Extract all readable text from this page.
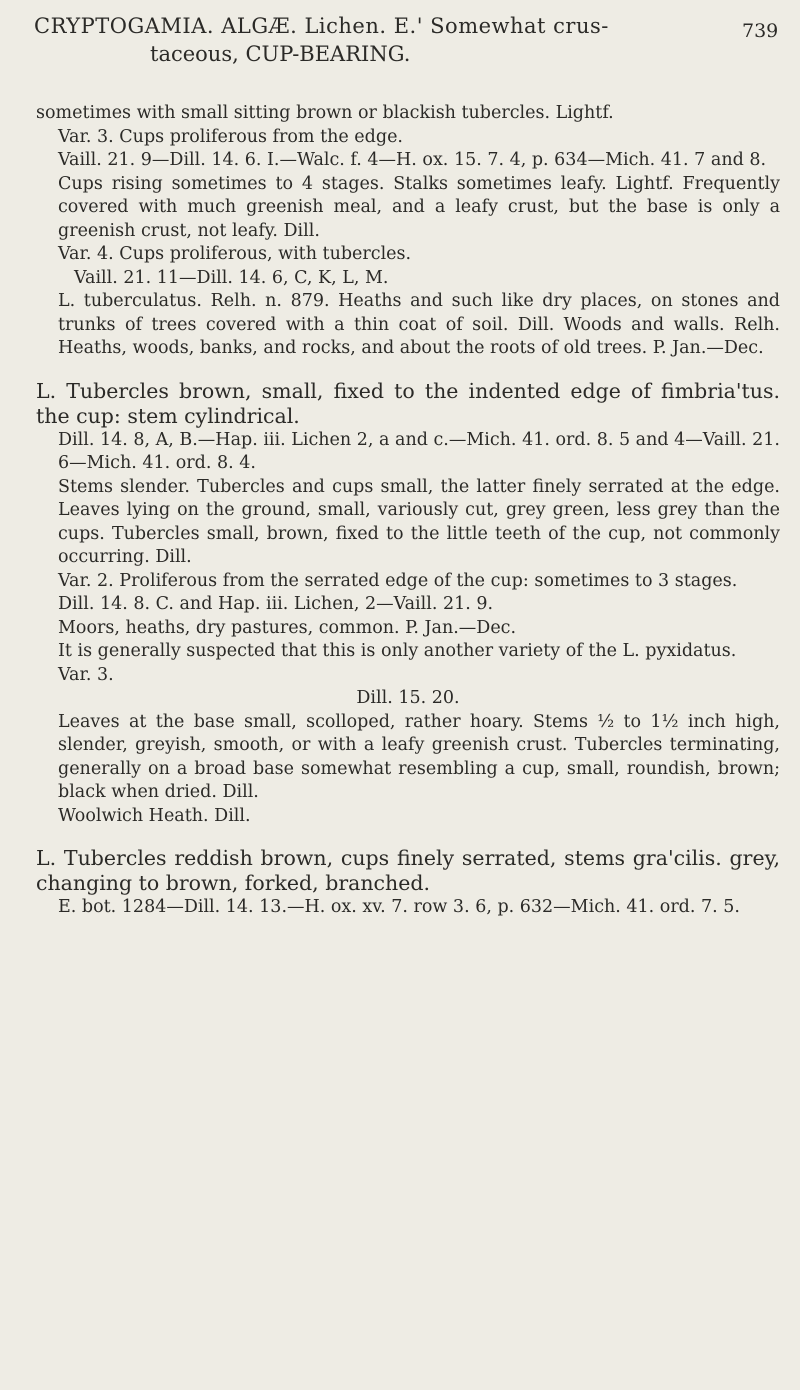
CRYPTOGAMIA. ALGÆ. Lichen. E.' Somewhat crus-
taceous, CUP-BEARING.
739

sometimes with small sitting brown or blackish tubercles. Lightf.

Var. 3. Cups proliferous from the edge.

Vaill. 21. 9—Dill. 14. 6. I.—Walc. f. 4—H. ox. 15. 7. 4, p. 634—Mich. 41. 7 and 8.

Cups rising sometimes to 4 stages. Stalks sometimes leafy. Lightf. Frequently covered with much greenish meal, and a leafy crust, but the base is only a greenish crust, not leafy. Dill.

Var. 4. Cups proliferous, with tubercles.

Vaill. 21. 11—Dill. 14. 6, C, K, L, M.

L. tuberculatus. Relh. n. 879. Heaths and such like dry places, on stones and trunks of trees covered with a thin coat of soil. Dill. Woods and walls. Relh. Heaths, woods, banks, and rocks, and about the roots of old trees. P. Jan.—Dec.

L. Tubercles brown, small, fixed to the indented edge of fimbria'tus. the cup: stem cylindrical.

Dill. 14. 8, A, B.—Hap. iii. Lichen 2, a and c.—Mich. 41. ord. 8. 5 and 4—Vaill. 21. 6—Mich. 41. ord. 8. 4.

Stems slender. Tubercles and cups small, the latter finely serrated at the edge. Leaves lying on the ground, small, variously cut, grey green, less grey than the cups. Tubercles small, brown, fixed to the little teeth of the cup, not commonly occurring. Dill.

Var. 2. Proliferous from the serrated edge of the cup: sometimes to 3 stages.

Dill. 14. 8. C. and Hap. iii. Lichen, 2—Vaill. 21. 9.

Moors, heaths, dry pastures, common. P. Jan.—Dec.

It is generally suspected that this is only another variety of the L. pyxidatus.

Var. 3.

Dill. 15. 20.

Leaves at the base small, scolloped, rather hoary. Stems ½ to 1½ inch high, slender, greyish, smooth, or with a leafy greenish crust. Tubercles terminating, generally on a broad base somewhat resembling a cup, small, roundish, brown; black when dried. Dill.

Woolwich Heath. Dill.

L. Tubercles reddish brown, cups finely serrated, stems gra'cilis. grey, changing to brown, forked, branched.

E. bot. 1284—Dill. 14. 13.—H. ox. xv. 7. row 3. 6, p. 632—Mich. 41. ord. 7. 5.
